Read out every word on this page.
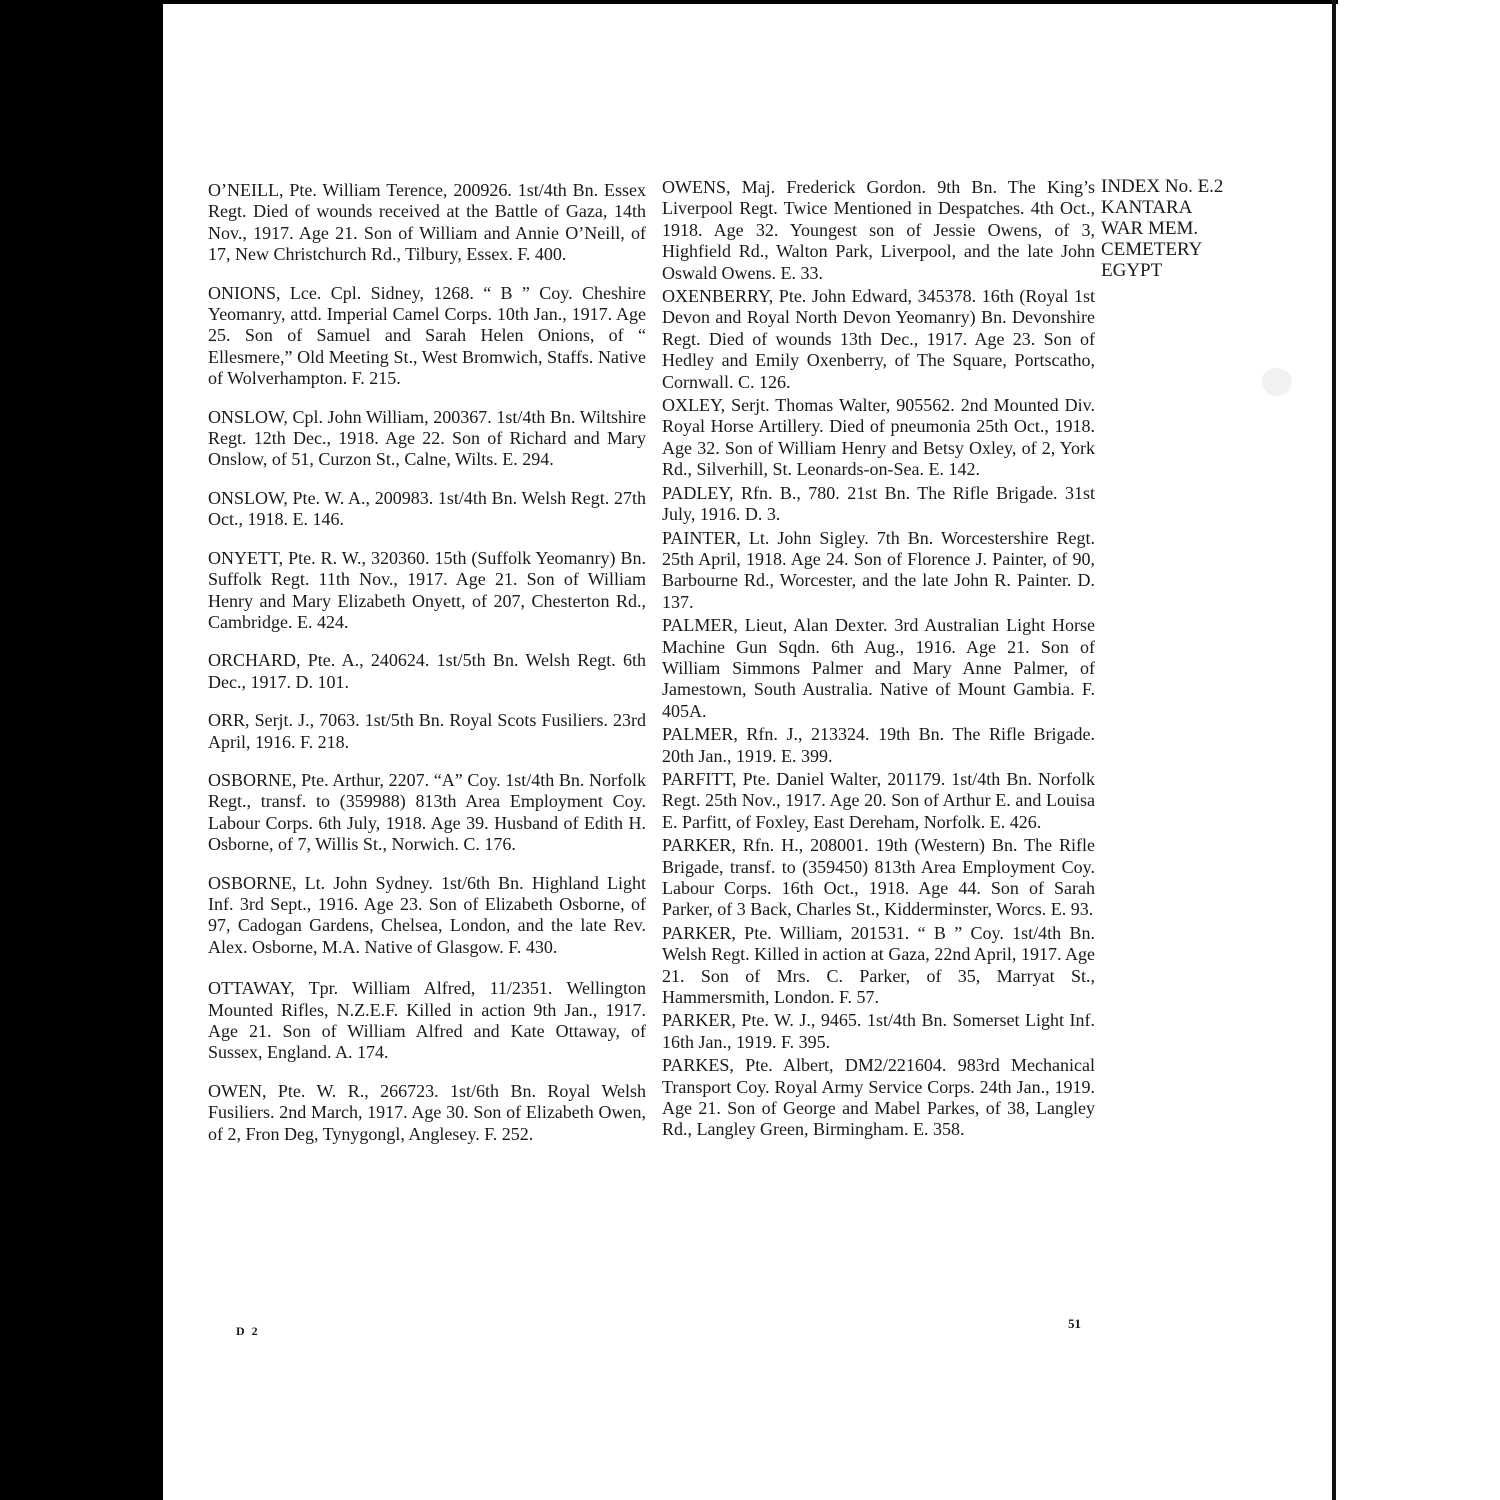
O’NEILL, Pte. William Terence, 200926. 1st/4th Bn. Essex Regt. Died of wounds received at the Battle of Gaza, 14th Nov., 1917. Age 21. Son of William and Annie O’Neill, of 17, New Christchurch Rd., Tilbury, Essex. F. 400.

ONIONS, Lce. Cpl. Sidney, 1268. “ B ” Coy. Cheshire Yeomanry, attd. Imperial Camel Corps. 10th Jan., 1917. Age 25. Son of Samuel and Sarah Helen Onions, of “ Ellesmere,” Old Meeting St., West Bromwich, Staffs. Native of Wolverhampton. F. 215.

ONSLOW, Cpl. John William, 200367. 1st/4th Bn. Wiltshire Regt. 12th Dec., 1918. Age 22. Son of Richard and Mary Onslow, of 51, Curzon St., Calne, Wilts. E. 294.

ONSLOW, Pte. W. A., 200983. 1st/4th Bn. Welsh Regt. 27th Oct., 1918. E. 146.

ONYETT, Pte. R. W., 320360. 15th (Suffolk Yeomanry) Bn. Suffolk Regt. 11th Nov., 1917. Age 21. Son of William Henry and Mary Elizabeth Onyett, of 207, Chesterton Rd., Cambridge. E. 424.

ORCHARD, Pte. A., 240624. 1st/5th Bn. Welsh Regt. 6th Dec., 1917. D. 101.

ORR, Serjt. J., 7063. 1st/5th Bn. Royal Scots Fusiliers. 23rd April, 1916. F. 218.

OSBORNE, Pte. Arthur, 2207. “A” Coy. 1st/4th Bn. Norfolk Regt., transf. to (359988) 813th Area Employment Coy. Labour Corps. 6th July, 1918. Age 39. Husband of Edith H. Osborne, of 7, Willis St., Norwich. C. 176.

OSBORNE, Lt. John Sydney. 1st/6th Bn. Highland Light Inf. 3rd Sept., 1916. Age 23. Son of Elizabeth Osborne, of 97, Cadogan Gardens, Chelsea, London, and the late Rev. Alex. Osborne, M.A. Native of Glasgow. F. 430.

OTTAWAY, Tpr. William Alfred, 11/2351. Wellington Mounted Rifles, N.Z.E.F. Killed in action 9th Jan., 1917. Age 21. Son of William Alfred and Kate Ottaway, of Sussex, England. A. 174.

OWEN, Pte. W. R., 266723. 1st/6th Bn. Royal Welsh Fusiliers. 2nd March, 1917. Age 30. Son of Elizabeth Owen, of 2, Fron Deg, Tynygongl, Anglesey. F. 252.

OWENS, Maj. Frederick Gordon. 9th Bn. The King’s Liverpool Regt. Twice Mentioned in Despatches. 4th Oct., 1918. Age 32. Youngest son of Jessie Owens, of 3, Highfield Rd., Walton Park, Liverpool, and the late John Oswald Owens. E. 33.

OXENBERRY, Pte. John Edward, 345378. 16th (Royal 1st Devon and Royal North Devon Yeomanry) Bn. Devonshire Regt. Died of wounds 13th Dec., 1917. Age 23. Son of Hedley and Emily Oxenberry, of The Square, Portscatho, Cornwall. C. 126.

OXLEY, Serjt. Thomas Walter, 905562. 2nd Mounted Div. Royal Horse Artillery. Died of pneumonia 25th Oct., 1918. Age 32. Son of William Henry and Betsy Oxley, of 2, York Rd., Silverhill, St. Leonards-on-Sea. E. 142.

PADLEY, Rfn. B., 780. 21st Bn. The Rifle Brigade. 31st July, 1916. D. 3.

PAINTER, Lt. John Sigley. 7th Bn. Worcestershire Regt. 25th April, 1918. Age 24. Son of Florence J. Painter, of 90, Barbourne Rd., Worcester, and the late John R. Painter. D. 137.

PALMER, Lieut, Alan Dexter. 3rd Australian Light Horse Machine Gun Sqdn. 6th Aug., 1916. Age 21. Son of William Simmons Palmer and Mary Anne Palmer, of Jamestown, South Australia. Native of Mount Gambia. F. 405A.

PALMER, Rfn. J., 213324. 19th Bn. The Rifle Brigade. 20th Jan., 1919. E. 399.

PARFITT, Pte. Daniel Walter, 201179. 1st/4th Bn. Norfolk Regt. 25th Nov., 1917. Age 20. Son of Arthur E. and Louisa E. Parfitt, of Foxley, East Dereham, Norfolk. E. 426.

PARKER, Rfn. H., 208001. 19th (Western) Bn. The Rifle Brigade, transf. to (359450) 813th Area Employment Coy. Labour Corps. 16th Oct., 1918. Age 44. Son of Sarah Parker, of 3 Back, Charles St., Kidderminster, Worcs. E. 93.

PARKER, Pte. William, 201531. “ B ” Coy. 1st/4th Bn. Welsh Regt. Killed in action at Gaza, 22nd April, 1917. Age 21. Son of Mrs. C. Parker, of 35, Marryat St., Hammersmith, London. F. 57.

PARKER, Pte. W. J., 9465. 1st/4th Bn. Somerset Light Inf. 16th Jan., 1919. F. 395.

PARKES, Pte. Albert, DM2/221604. 983rd Mechanical Transport Coy. Royal Army Service Corps. 24th Jan., 1919. Age 21. Son of George and Mabel Parkes, of 38, Langley Rd., Langley Green, Birmingham. E. 358.

INDEX No. E.2
KANTARA
WAR MEM.
CEMETERY
EGYPT
D 2	51
